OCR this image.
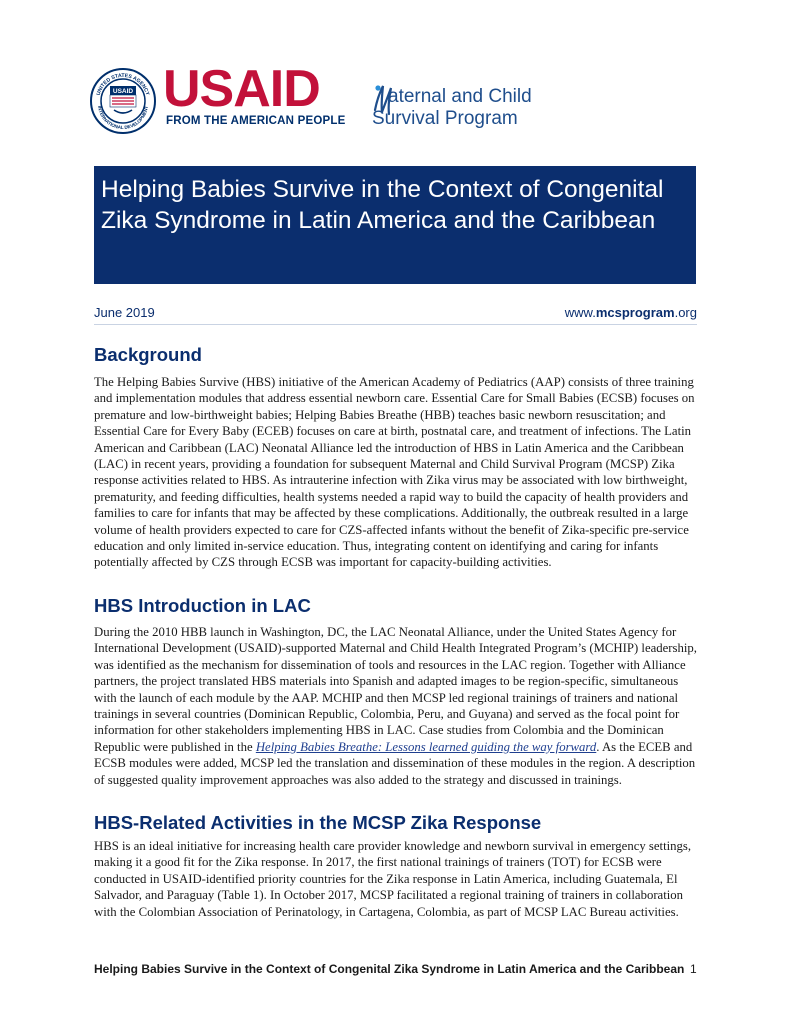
UNITED STATES AGENCY
INTERNATIONAL DEVELOPMENT
USAID USAID
FROM THE AMERICAN PEOPLE
aternal and Child
Survival Program
Helping Babies Survive in the Context of Congenital Zika Syndrome in Latin America and the Caribbean
June 2019	www.mcsprogram.org
Background
The Helping Babies Survive (HBS) initiative of the American Academy of Pediatrics (AAP) consists of three training and implementation modules that address essential newborn care. Essential Care for Small Babies (ECSB) focuses on premature and low-birthweight babies; Helping Babies Breathe (HBB) teaches basic newborn resuscitation; and Essential Care for Every Baby (ECEB) focuses on care at birth, postnatal care, and treatment of infections. The Latin American and Caribbean (LAC) Neonatal Alliance led the introduction of HBS in Latin America and the Caribbean (LAC) in recent years, providing a foundation for subsequent Maternal and Child Survival Program (MCSP) Zika response activities related to HBS. As intrauterine infection with Zika virus may be associated with low birthweight, prematurity, and feeding difficulties, health systems needed a rapid way to build the capacity of health providers and families to care for infants that may be affected by these complications. Additionally, the outbreak resulted in a large volume of health providers expected to care for CZS-affected infants without the benefit of Zika-specific pre-service education and only limited in-service education. Thus, integrating content on identifying and caring for infants potentially affected by CZS through ECSB was important for capacity-building activities.
HBS Introduction in LAC
During the 2010 HBB launch in Washington, DC, the LAC Neonatal Alliance, under the United States Agency for International Development (USAID)-supported Maternal and Child Health Integrated Program’s (MCHIP) leadership, was identified as the mechanism for dissemination of tools and resources in the LAC region. Together with Alliance partners, the project translated HBS materials into Spanish and adapted images to be region-specific, simultaneous with the launch of each module by the AAP. MCHIP and then MCSP led regional trainings of trainers and national trainings in several countries (Dominican Republic, Colombia, Peru, and Guyana) and served as the focal point for information for other stakeholders implementing HBS in LAC. Case studies from Colombia and the Dominican Republic were published in the Helping Babies Breathe: Lessons learned guiding the way forward. As the ECEB and ECSB modules were added, MCSP led the translation and dissemination of these modules in the region. A description of suggested quality improvement approaches was also added to the strategy and discussed in trainings.
HBS-Related Activities in the MCSP Zika Response
HBS is an ideal initiative for increasing health care provider knowledge and newborn survival in emergency settings, making it a good fit for the Zika response. In 2017, the first national trainings of trainers (TOT) for ECSB were conducted in USAID-identified priority countries for the Zika response in Latin America, including Guatemala, El Salvador, and Paraguay (Table 1). In October 2017, MCSP facilitated a regional training of trainers in collaboration with the Colombian Association of Perinatology, in Cartagena, Colombia, as part of MCSP LAC Bureau activities.
Helping Babies Survive in the Context of Congenital Zika Syndrome in Latin America and the Caribbean 1
